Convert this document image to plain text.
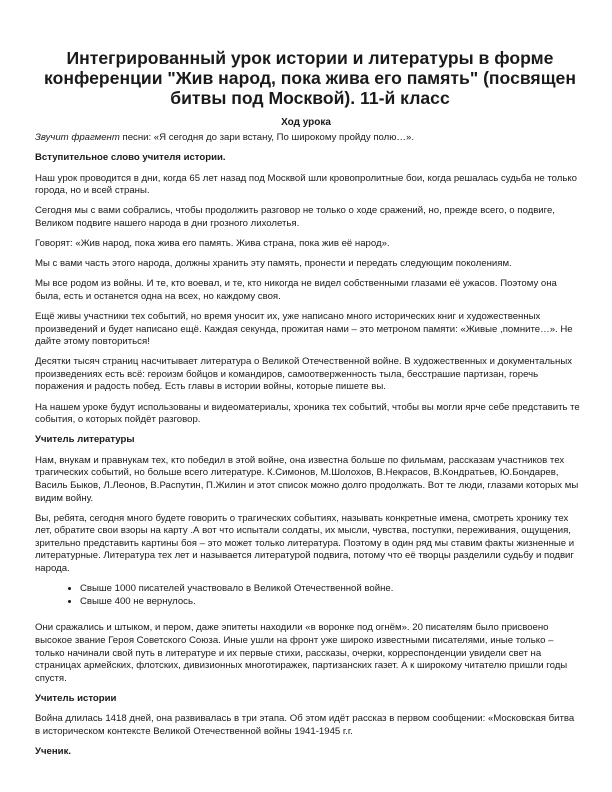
Интегрированный урок истории и литературы в форме конференции "Жив народ, пока жива его память" (посвящен битвы под Москвой). 11-й класс
Ход урока

Звучит фрагмент песни: «Я сегодня до зари встану, По широкому пройду полю…».

Вступительное слово учителя истории.

Наш урок проводится в дни, когда 65 лет назад под Москвой шли кровопролитные бои, когда решалась судьба не только города, но и всей страны.

Сегодня мы с вами собрались, чтобы продолжить разговор не только о ходе сражений, но, прежде всего, о подвиге, Великом подвиге нашего народа в дни грозного лихолетья.

Говорят: «Жив народ, пока жива его память. Жива страна, пока жив её народ».

Мы с вами часть этого народа, должны хранить эту память, пронести и передать следующим поколениям.

Мы все родом из войны. И те, кто воевал, и те, кто никогда не видел собственными глазами её ужасов. Поэтому она была, есть и останется одна на всех, но каждому своя.

Ещё живы участники тех событий, но время уносит их, уже написано много исторических книг и художественных произведений и будет написано ещё. Каждая секунда, прожитая нами – это метроном памяти: «Живые ,помните…». Не дайте этому повториться!

Десятки тысяч страниц насчитывает литература о Великой Отечественной войне. В художественных и документальных произведениях есть всё: героизм бойцов и командиров, самоотверженность тыла, бесстрашие партизан, горечь поражения и радость побед. Есть главы в истории войны, которые пишете вы.

На нашем уроке будут использованы и видеоматериалы, хроника тех событий, чтобы вы могли ярче себе представить те события, о которых пойдёт разговор.

Учитель литературы

Нам, внукам и правнукам тех, кто победил в этой войне, она известна больше по фильмам, рассказам участников тех трагических событий, но больше всего литературе. К.Симонов, М.Шолохов, В.Некрасов, В.Кондратьев, Ю.Бондарев, Василь Быков, Л.Леонов, В.Распутин, П.Жилин и этот список можно долго продолжать. Вот те люди, глазами которых мы видим войну.

Вы, ребята, сегодня много будете говорить о трагических событиях, называть конкретные имена, смотреть хронику тех лет, обратите свои взоры на карту .А вот что испытали солдаты, их мысли, чувства, поступки, переживания, ощущения, зрительно представить картины боя – это может только литература. Поэтому в один ряд мы ставим факты жизненные и литературные. Литература тех лет и называется литературой подвига, потому что её творцы разделили судьбу и подвиг народа.

• Свыше 1000 писателей участвовало в Великой Отечественной войне.
• Свыше 400 не вернулось.

Они сражались и штыком, и пером, даже эпитеты находили «в воронке под огнём». 20 писателям было присвоено высокое звание Героя Советского Союза. Иные ушли на фронт уже широко известными писателями, иные только – только начинали свой путь в литературе и их первые стихи, рассказы, очерки, корреспонденции увидели свет на страницах армейских, флотских, дивизионных многотиражек, партизанских газет. А к широкому читателю пришли годы спустя.

Учитель истории

Война длилась 1418 дней, она развивалась в три этапа. Об этом идёт рассказ в первом сообщении: «Московская битва в историческом контексте Великой Отечественной войны 1941-1945 г.г.

Ученик.
